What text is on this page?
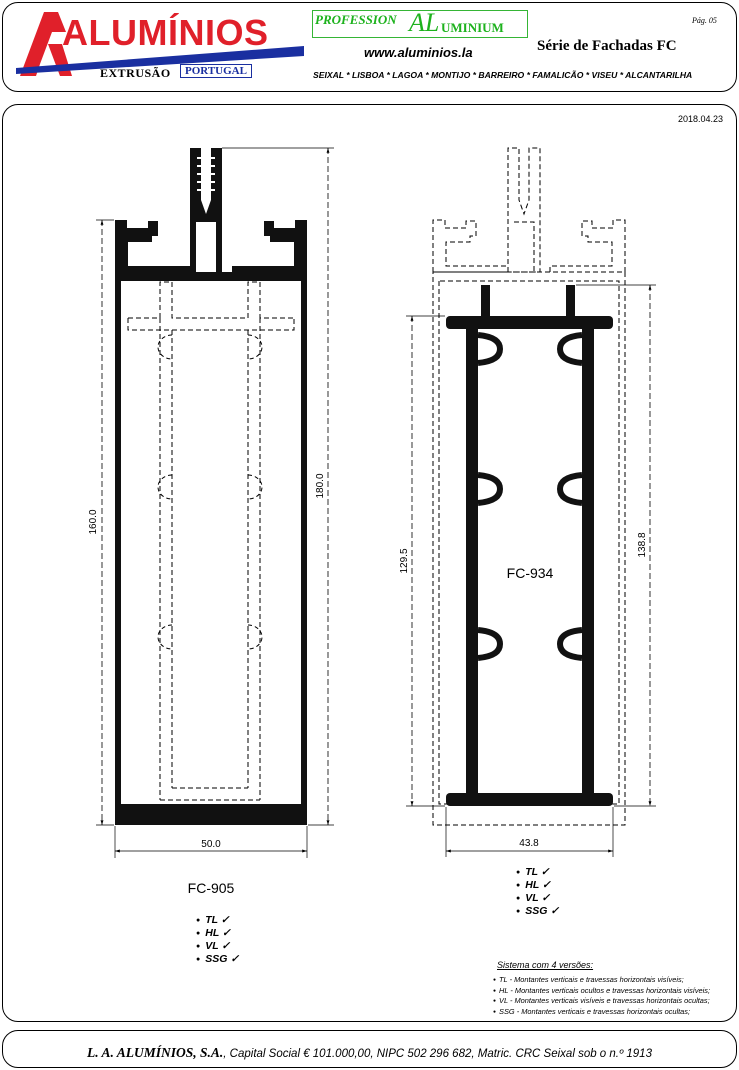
ALUMÍNIOS
EXTRUSÃO	PORTUGAL
PROFESSION AL UMINIUM
www.aluminios.la
Pág. 05
Série de Fachadas FC
SEIXAL * LISBOA * LAGOA * MONTIJO * BARREIRO * FAMALICÃO * VISEU * ALCANTARILHA
2018.04.23
50.0
160.0
180.0
FC-934
43.8
129.5
138.8
FC-905
● TL ✓
● HL ✓
● VL ✓
● SSG ✓
● TL ✓
● HL ✓
● VL ✓
● SSG ✓
Sistema com 4 versões:
● TL - Montantes verticais e travessas horizontais visíveis;
● HL - Montantes verticais ocultos e travessas horizontais visíveis;
● VL - Montantes verticais visíveis e travessas horizontais ocultas;
● SSG - Montantes verticais e travessas horizontais ocultas;
L. A. ALUMÍNIOS, S.A., Capital Social € 101.000,00, NIPC 502 296 682, Matric. CRC Seixal sob o n.º 1913
